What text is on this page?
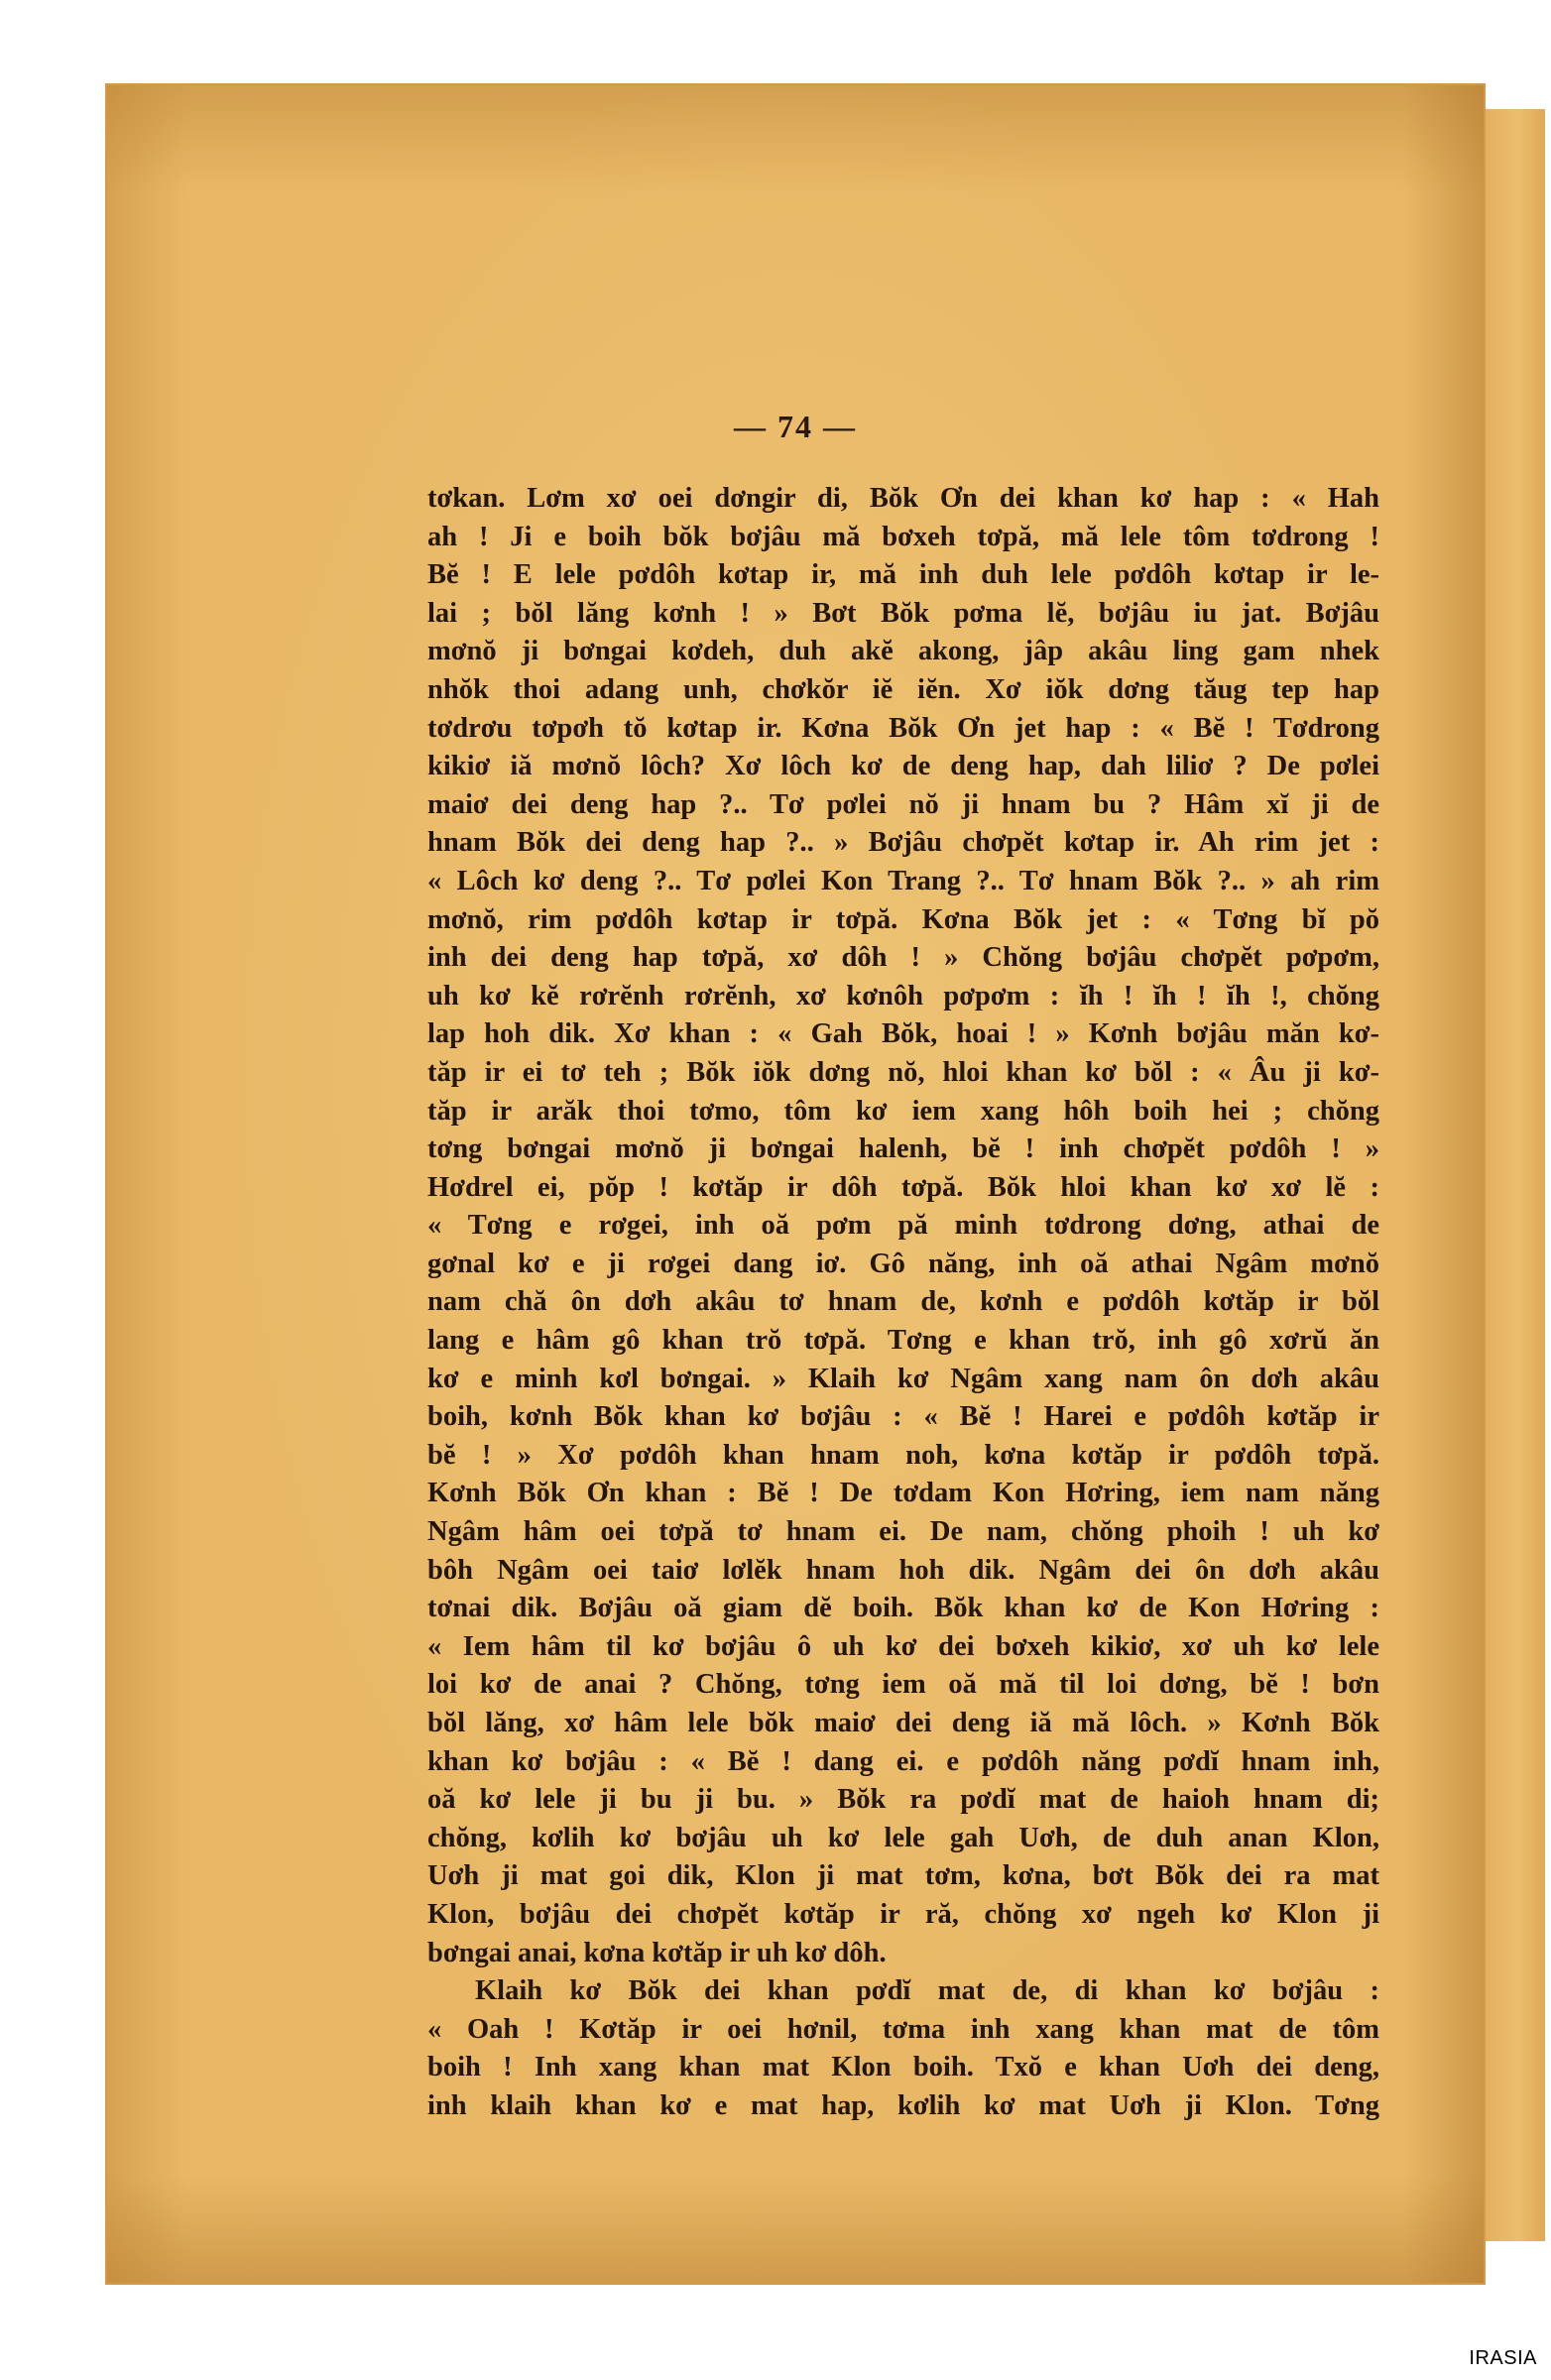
— 74 —
tơkan. Lơm xơ oei dơngir di, Bŏk Ơn dei khan kơ hap : « Hah
ah ! Ji e boih bŏk bơjâu mă bơxeh tơpă, mă lele tôm tơdrong !
Bĕ ! E lele pơdôh kơtap ir, mă inh duh lele pơdôh kơtap ir le-
lai ; bŏl lăng kơnh ! » Bơt Bŏk pơma lĕ, bơjâu iu jat. Bơjâu
mơnŏ ji bơngai kơdeh, duh akĕ akong, jâp akâu ling gam nhek
nhŏk thoi adang unh, chơkŏr iĕ iĕn. Xơ iŏk dơng tăug tep hap
tơdrơu tơpơh tŏ kơtap ir. Kơna Bŏk Ơn jet hap : « Bĕ ! Tơdrong
kikiơ iă mơnŏ lôch? Xơ lôch kơ de deng hap, dah liliơ ? De pơlei
maiơ dei deng hap ?.. Tơ pơlei nŏ ji hnam bu ? Hâm xĭ ji de
hnam Bŏk dei deng hap ?.. » Bơjâu chơpĕt kơtap ir. Ah rim jet :
« Lôch kơ deng ?.. Tơ pơlei Kon Trang ?.. Tơ hnam Bŏk ?.. » ah rim
mơnŏ, rim pơdôh kơtap ir tơpă. Kơna Bŏk jet : « Tơng bĭ pŏ
inh dei deng hap tơpă, xơ dôh ! » Chŏng bơjâu chơpĕt pơpơm,
uh kơ kĕ rơrĕnh rơrĕnh, xơ kơnôh pơpơm : ĭh ! ĭh ! ĭh !, chŏng
lap hoh dik. Xơ khan : « Gah Bŏk, hoai ! » Kơnh bơjâu măn kơ-
tăp ir ei tơ teh ; Bŏk iŏk dơng nŏ, hloi khan kơ bŏl : « Âu ji kơ-
tăp ir arăk thoi tơmo, tôm kơ iem xang hôh boih hei ; chŏng
tơng bơngai mơnŏ ji bơngai halenh, bĕ ! inh chơpĕt pơdôh ! »
Hơdrel ei, pŏp ! kơtăp ir dôh tơpă. Bŏk hloi khan kơ xơ lĕ :
« Tơng e rơgei, inh oă pơm pă minh tơdrong dơng, athai de
gơnal kơ e ji rơgei dang iơ. Gô năng, inh oă athai Ngâm mơnŏ
nam chă ôn dơh akâu tơ hnam de, kơnh e pơdôh kơtăp ir bŏl
lang e hâm gô khan trŏ tơpă. Tơng e khan trŏ, inh gô xơrŭ ăn
kơ e minh kơl bơngai. » Klaih kơ Ngâm xang nam ôn dơh akâu
boih, kơnh Bŏk khan kơ bơjâu : « Bĕ ! Harei e pơdôh kơtăp ir
bĕ ! » Xơ pơdôh khan hnam noh, kơna kơtăp ir pơdôh tơpă.
Kơnh Bŏk Ơn khan : Bĕ ! De tơdam Kon Hơring, iem nam năng
Ngâm hâm oei tơpă tơ hnam ei. De nam, chŏng phoih ! uh kơ
bôh Ngâm oei taiơ lơlĕk hnam hoh dik. Ngâm dei ôn dơh akâu
tơnai dik. Bơjâu oă giam dĕ boih. Bŏk khan kơ de Kon Hơring :
« Iem hâm til kơ bơjâu ô uh kơ dei bơxeh kikiơ, xơ uh kơ lele
loi kơ de anai ? Chŏng, tơng iem oă mă til loi dơng, bĕ ! bơn
bŏl lăng, xơ hâm lele bŏk maiơ dei deng iă mă lôch. » Kơnh Bŏk
khan kơ bơjâu : « Bĕ ! dang ei. e pơdôh năng pơdĭ hnam inh,
oă kơ lele ji bu ji bu. » Bŏk ra pơdĭ mat de haioh hnam di;
chŏng, kơlih kơ bơjâu uh kơ lele gah Uơh, de duh anan Klon,
Uơh ji mat goi dik, Klon ji mat tơm, kơna, bơt Bŏk dei ra mat
Klon, bơjâu dei chơpĕt kơtăp ir ră, chŏng xơ ngeh kơ Klon ji
bơngai anai, kơna kơtăp ir uh kơ dôh.
Klaih kơ Bŏk dei khan pơdĭ mat de, di khan kơ bơjâu :
« Oah ! Kơtăp ir oei hơnil, tơma inh xang khan mat de tôm
boih ! Inh xang khan mat Klon boih. Txŏ e khan Uơh dei deng,
inh klaih khan kơ e mat hap, kơlih kơ mat Uơh ji Klon. Tơng
IRASIA
